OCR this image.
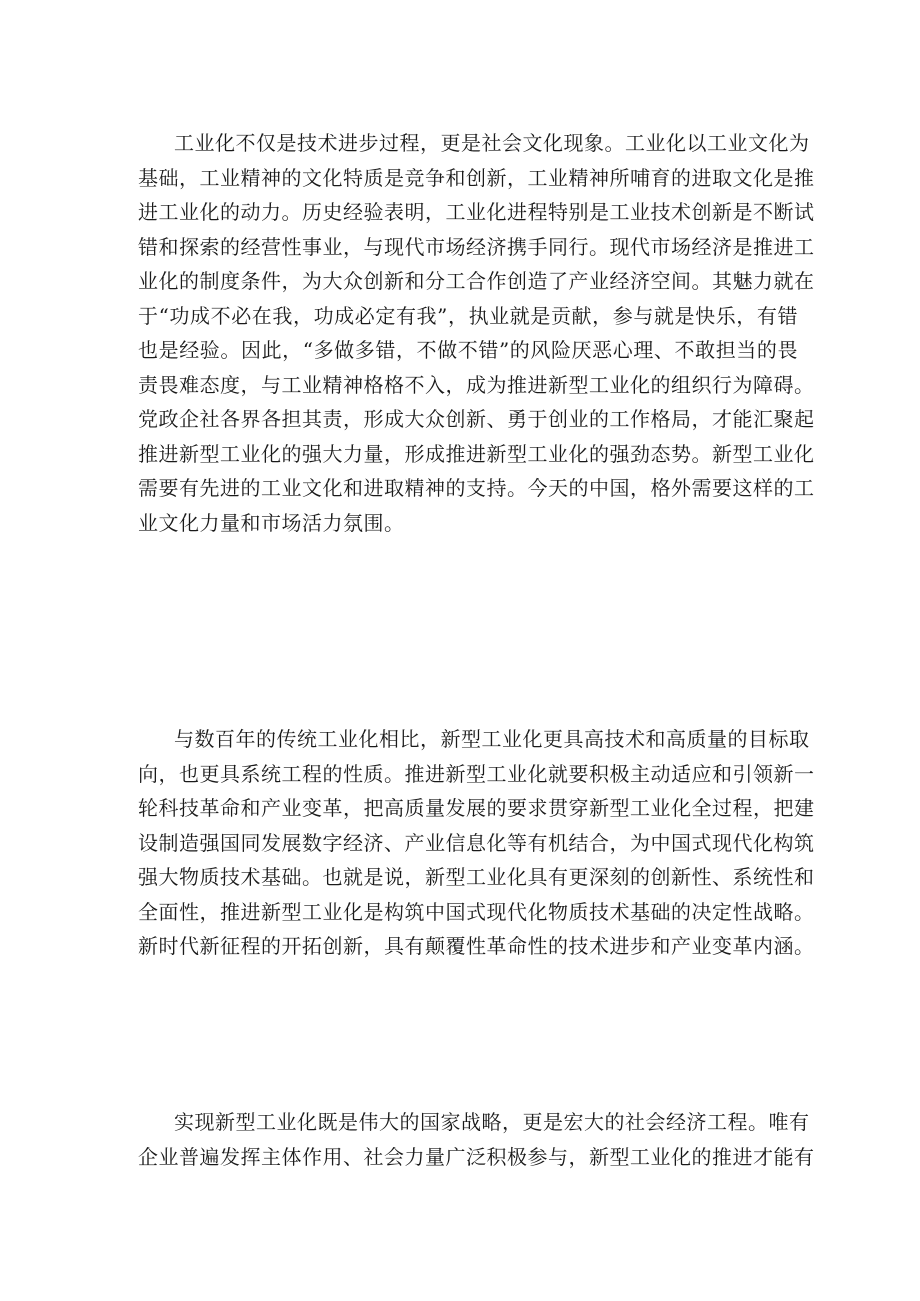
工业化不仅是技术进步过程，更是社会文化现象。工业化以工业文化为
基础，工业精神的文化特质是竞争和创新，工业精神所哺育的进取文化是推
进工业化的动力。历史经验表明，工业化进程特别是工业技术创新是不断试
错和探索的经营性事业，与现代市场经济携手同行。现代市场经济是推进工
业化的制度条件，为大众创新和分工合作创造了产业经济空间。其魅力就在
于“功成不必在我，功成必定有我”，执业就是贡献，参与就是快乐，有错
也是经验。因此，“多做多错，不做不错”的风险厌恶心理、不敢担当的畏
责畏难态度，与工业精神格格不入，成为推进新型工业化的组织行为障碍。
党政企社各界各担其责，形成大众创新、勇于创业的工作格局，才能汇聚起
推进新型工业化的强大力量，形成推进新型工业化的强劲态势。新型工业化
需要有先进的工业文化和进取精神的支持。今天的中国，格外需要这样的工
业文化力量和市场活力氛围。
与数百年的传统工业化相比，新型工业化更具高技术和高质量的目标取
向，也更具系统工程的性质。推进新型工业化就要积极主动适应和引领新一
轮科技革命和产业变革，把高质量发展的要求贯穿新型工业化全过程，把建
设制造强国同发展数字经济、产业信息化等有机结合，为中国式现代化构筑
强大物质技术基础。也就是说，新型工业化具有更深刻的创新性、系统性和
全面性，推进新型工业化是构筑中国式现代化物质技术基础的决定性战略。
新时代新征程的开拓创新，具有颠覆性革命性的技术进步和产业变革内涵。
实现新型工业化既是伟大的国家战略，更是宏大的社会经济工程。唯有
企业普遍发挥主体作用、社会力量广泛积极参与，新型工业化的推进才能有
